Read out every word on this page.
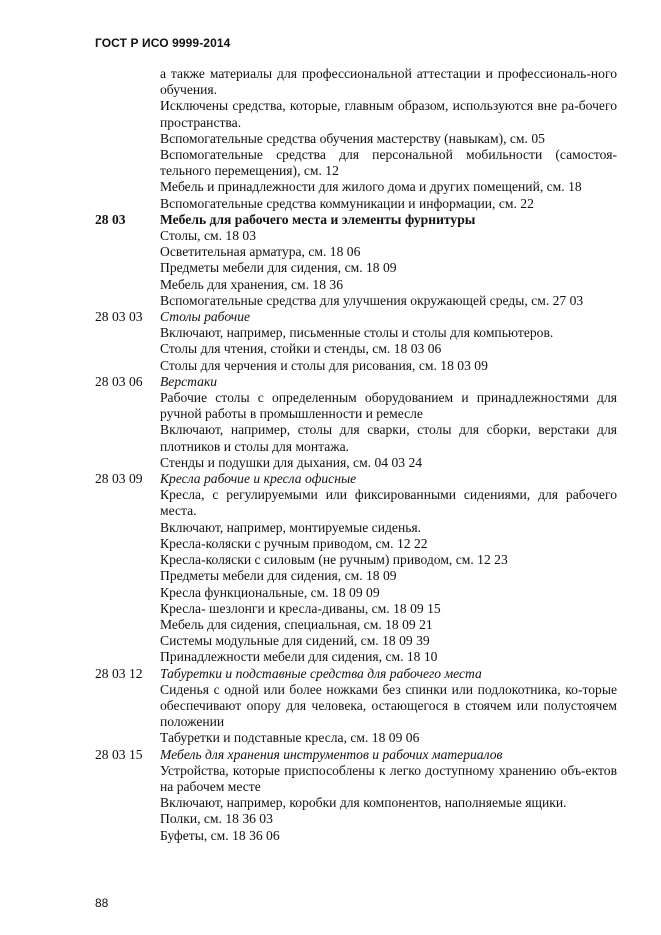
ГОСТ Р ИСО 9999-2014

а также материалы для профессиональной аттестации и профессиональ-ного обучения.

Исключены средства, которые, главным образом, используются вне ра-бочего пространства.

Вспомогательные средства обучения мастерству (навыкам), см. 05

Вспомогательные средства для персональной мобильности (самостоя-тельного перемещения), см. 12

Мебель и принадлежности для жилого дома и других помещений, см. 18

Вспомогательные средства коммуникации и информации, см. 22

28 03	Мебель для рабочего места и элементы фурнитуры

Столы, см. 18 03

Осветительная арматура, см. 18 06

Предметы мебели для сидения, см. 18 09

Мебель для хранения, см. 18 36

Вспомогательные средства для улучшения окружающей среды, см. 27 03

28 03 03	Столы рабочие

Включают, например, письменные столы и столы для компьютеров.

Столы для чтения, стойки и стенды, см. 18 03 06

Столы для черчения и столы для рисования, см. 18 03 09

28 03 06	Верстаки

Рабочие столы с определенным оборудованием и принадлежностями для ручной работы в промышленности и ремесле

Включают, например, столы для сварки, столы для сборки, верстаки для плотников и столы для монтажа.

Стенды и подушки для дыхания, см. 04 03 24

28 03 09	Кресла рабочие и кресла офисные

Кресла, с регулируемыми или фиксированными сидениями, для рабочего места.

Включают, например, монтируемые сиденья.

Кресла-коляски с ручным приводом, см. 12 22

Кресла-коляски с силовым (не ручным) приводом, см. 12 23

Предметы мебели для сидения, см. 18 09

Кресла функциональные, см. 18 09 09

Кресла- шезлонги и кресла-диваны, см. 18 09 15

Мебель для сидения, специальная, см. 18 09 21

Системы модульные для сидений, см. 18 09 39

Принадлежности мебели для сидения, см. 18 10

28 03 12	Табуретки и подставные средства для рабочего места

Сиденья с одной или более ножками без спинки или подлокотника, ко-торые обеспечивают опору для человека, остающегося в стоячем или полустоячем положении

Табуретки и подставные кресла, см. 18 09 06

28 03 15	Мебель для хранения инструментов и рабочих материалов

Устройства, которые приспособлены к легко доступному хранению объ-ектов на рабочем месте

Включают, например, коробки для компонентов, наполняемые ящики.

Полки, см. 18 36 03

Буфеты, см. 18 36 06

88
